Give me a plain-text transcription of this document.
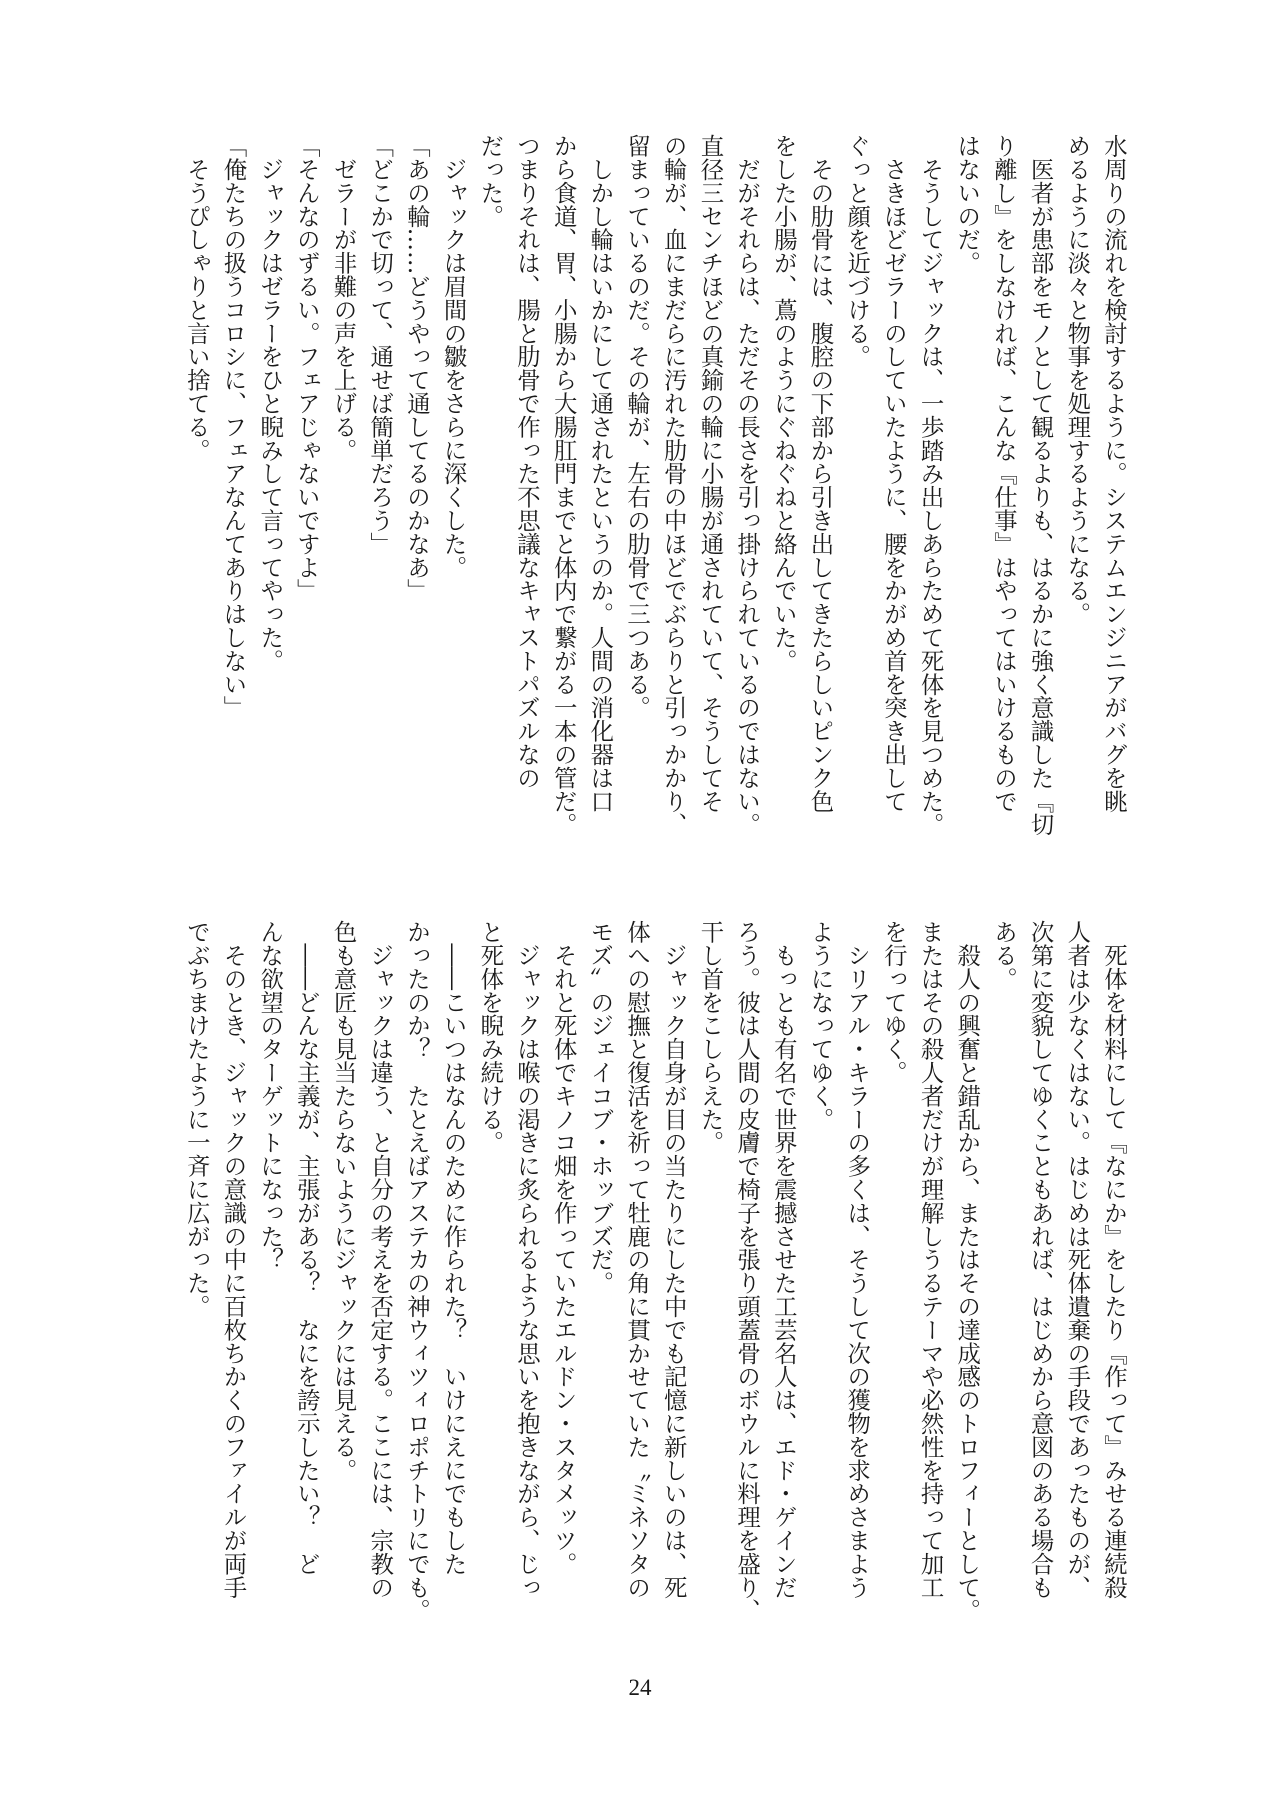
水周りの流れを検討するように。システムエンジニアがバグを眺
めるように淡々と物事を処理するようになる。
　医者が患部をモノとして観るよりも、はるかに強く意識した『切
り離し』をしなければ、こんな『仕事』はやってはいけるもので
はないのだ。
　そうしてジャックは、一歩踏み出しあらためて死体を見つめた。
　さきほどゼラーのしていたように、腰をかがめ首を突き出して
ぐっと顔を近づける。
　その肋骨には、腹腔の下部から引き出してきたらしいピンク色
をした小腸が、蔦のようにぐねぐねと絡んでいた。
　だがそれらは、ただその長さを引っ掛けられているのではない。
直径三センチほどの真鍮の輪に小腸が通されていて、そうしてそ
の輪が、血にまだらに汚れた肋骨の中ほどでぶらりと引っかかり、
留まっているのだ。その輪が、左右の肋骨で三つある。
　しかし輪はいかにして通されたというのか。人間の消化器は口
から食道、胃、小腸から大腸肛門までと体内で繋がる一本の管だ。
つまりそれは、腸と肋骨で作った不思議なキャストパズルなの
だった。
　ジャックは眉間の皺をさらに深くした。
「あの輪……どうやって通してるのかなあ」
「どこかで切って、通せば簡単だろう」
　ゼラーが非難の声を上げる。
「そんなのずるい。フェアじゃないですよ」
　ジャックはゼラーをひと睨みして言ってやった。
「俺たちの扱うコロシに、フェアなんてありはしない」
　そうぴしゃりと言い捨てる。
　死体を材料にして『なにか』をしたり『作って』みせる連続殺
人者は少なくはない。はじめは死体遺棄の手段であったものが、
次第に変貌してゆくこともあれば、はじめから意図のある場合も
ある。
　殺人の興奮と錯乱から、またはその達成感のトロフィーとして。
またはその殺人者だけが理解しうるテーマや必然性を持って加工
を行ってゆく。
　シリアル・キラーの多くは、そうして次の獲物を求めさまよう
ようになってゆく。
　もっとも有名で世界を震撼させた工芸名人は、エド・ゲインだ
ろう。彼は人間の皮膚で椅子を張り頭蓋骨のボウルに料理を盛り、
干し首をこしらえた。
　ジャック自身が目の当たりにした中でも記憶に新しいのは、死
体への慰撫と復活を祈って牡鹿の角に貫かせていた〝ミネソタの
モズ〟のジェイコブ・ホッブズだ。
　それと死体でキノコ畑を作っていたエルドン・スタメッツ。
　ジャックは喉の渇きに炙られるような思いを抱きながら、じっ
と死体を睨み続ける。
　――こいつはなんのために作られた？　いけにえにでもした
かったのか？　たとえばアステカの神ウィツィロポチトリにでも。
　ジャックは違う、と自分の考えを否定する。ここには、宗教の
色も意匠も見当たらないようにジャックには見える。
　――どんな主義が、主張がある？　なにを誇示したい？　ど
んな欲望のターゲットになった？
　そのとき、ジャックの意識の中に百枚ちかくのファイルが両手
でぶちまけたように一斉に広がった。
24
